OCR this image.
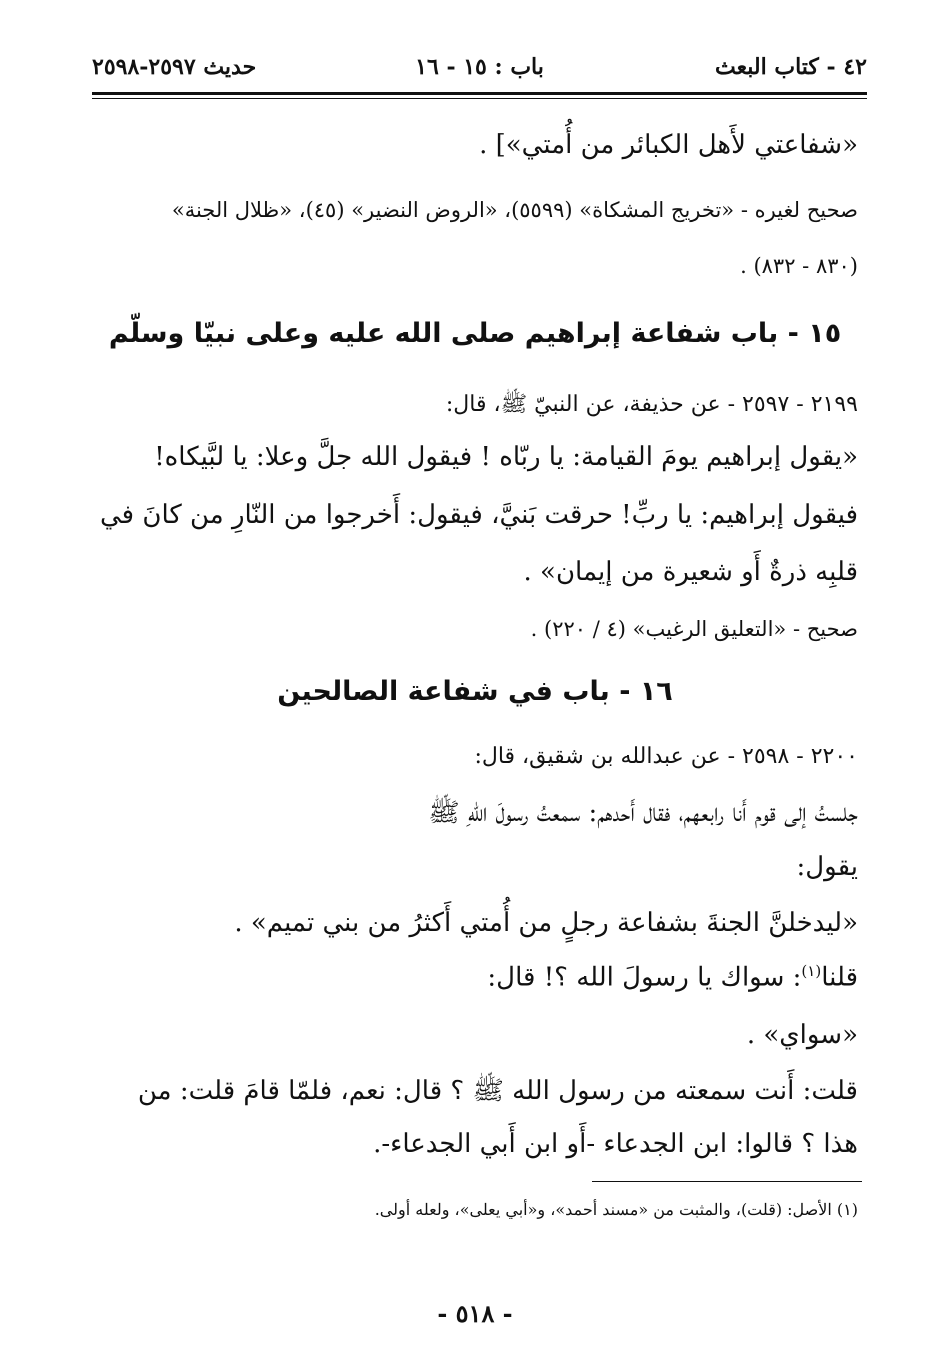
٤٢ - كتاب البعث
باب : ١٥ - ١٦
حديث ٢٥٩٧-٢٥٩٨
«شفاعتي لأَهل الكبائر من أُمتي»] .
صحيح لغيره - «تخريج المشكاة» (٥٥٩٩)، «الروض النضير» (٤٥)، «ظلال الجنة»
(٨٣٠ - ٨٣٢) .
١٥ - باب شفاعة إبراهيم صلى الله عليه وعلى نبيّا وسلّم
٢١٩٩ - ٢٥٩٧ - عن حذيفة، عن النبيّ ﷺ، قال:
«يقول إبراهيم يومَ القيامة: يا ربّاه ! فيقول الله جلَّ وعلا: يا لبَّيكاه!
فيقول إبراهيم: يا ربِّ! حرقت بَنيَّ، فيقول: أَخرجوا من النّارِ من كانَ في
قلبِه ذرةٌ أَو شعيرة من إيمان» .
صحيح - «التعليق الرغيب» (٤ / ٢٢٠) .
١٦ - باب في شفاعة الصالحين
٢٢٠٠ - ٢٥٩٨ - عن عبدالله بن شقيق، قال:
جلستُ إلى قوم أَنا رابعهم، فقال أَحدهم: سمعتُ رسولَ اللهِ ﷺ
يقول:
«ليدخلنَّ الجنةَ بشفاعة رجلٍ من أُمتي أَكثرُ من بني تميم» .
قلنا$^{(١)}$: سواك يا رسولَ الله ؟! قال:
«سواي» .
قلت: أَنت سمعته من رسول الله ﷺ ؟ قال: نعم، فلمّا قامَ قلت: من
هذا ؟ قالوا: ابن الجدعاء -أَو ابن أَبي الجدعاء-.
(١) الأصل: (قلت)، والمثبت من «مسند أحمد»، و«أبي يعلى»، ولعله أولى.
- ٥١٨ -
